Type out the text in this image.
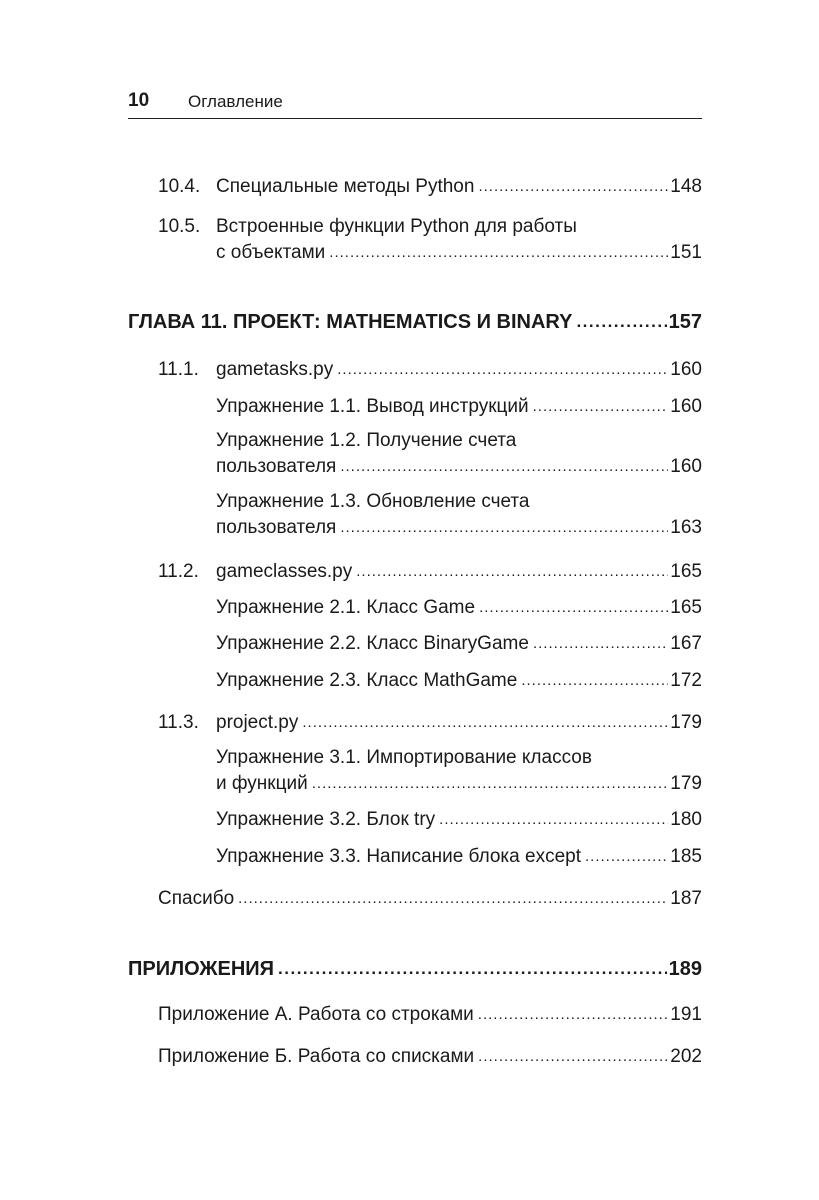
10 Оглавление
10.4. Специальные методы Python .....	148
10.5. Встроенные функции Python для работы
с объектами .....	151
ГЛАВА 11. ПРОЕКТ: MATHEMATICS И BINARY .....	157
11.1. gametasks.py .....	160
Упражнение 1.1. Вывод инструкций .....	160
Упражнение 1.2. Получение счета
пользователя .....	160
Упражнение 1.3. Обновление счета
пользователя .....	163
11.2. gameclasses.py .....	165
Упражнение 2.1. Класс Game .....	165
Упражнение 2.2. Класс BinaryGame .....	167
Упражнение 2.3. Класс MathGame .....	172
11.3. project.py .....	179
Упражнение 3.1. Импортирование классов
и функций .....	179
Упражнение 3.2. Блок try .....	180
Упражнение 3.3. Написание блока except .....	185
Спасибо .....	187
ПРИЛОЖЕНИЯ .....	189
Приложение А. Работа со строками .....	191
Приложение Б. Работа со списками .....	202
